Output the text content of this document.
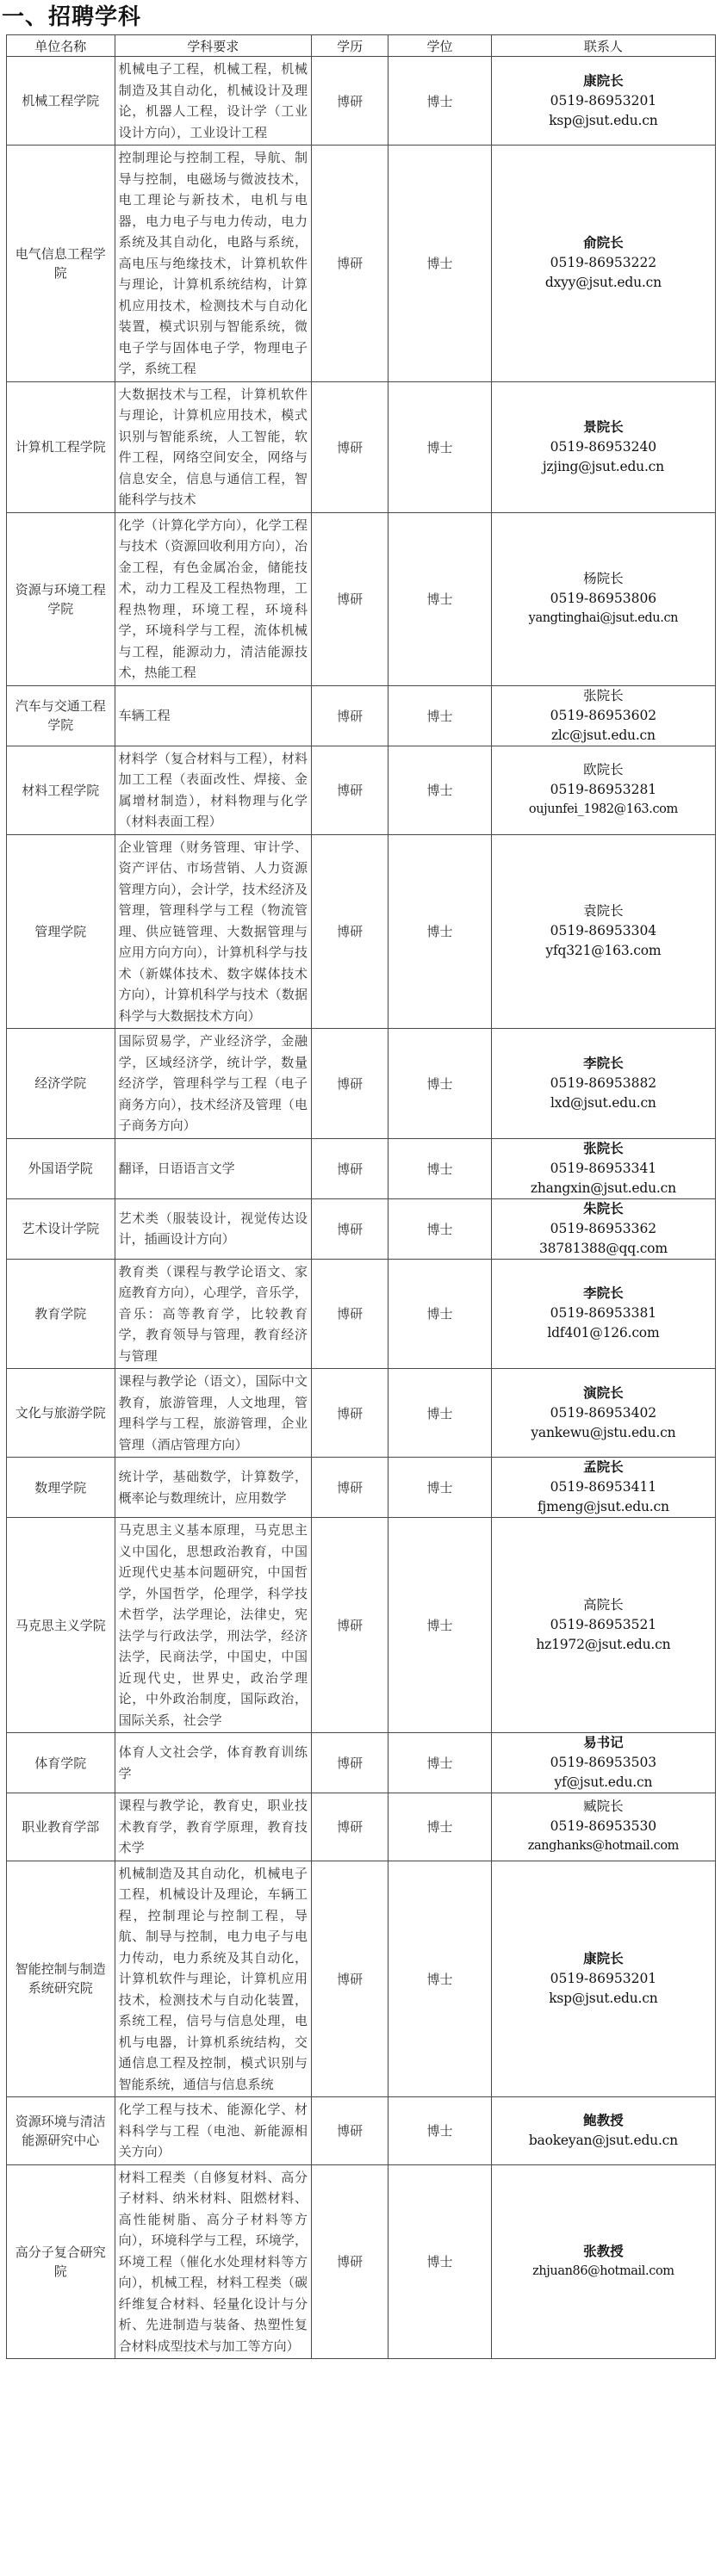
一、招聘学科
单位名称	学科要求	学历	学位	联系人
机械工程学院	机械电子工程，机械工程，机械制造及其自动化，机械设计及理论，机器人工程，设计学（工业设计方向），工业设计工程	博研	博士	康院长
0519-86953201
ksp@jsut.edu.cn

电气信息工程学院	控制理论与控制工程，导航、制导与控制，电磁场与微波技术，电工理论与新技术，电机与电器，电力电子与电力传动，电力系统及其自动化，电路与系统，高电压与绝缘技术，计算机软件与理论，计算机系统结构，计算机应用技术，检测技术与自动化装置，模式识别与智能系统，微电子学与固体电子学，物理电子学，系统工程	博研	博士	俞院长
0519-86953222
dxyy@jsut.edu.cn

计算机工程学院	大数据技术与工程，计算机软件与理论，计算机应用技术，模式识别与智能系统，人工智能，软件工程，网络空间安全，网络与信息安全，信息与通信工程，智能科学与技术	博研	博士	景院长
0519-86953240
jzjing@jsut.edu.cn

资源与环境工程学院	化学（计算化学方向），化学工程与技术（资源回收利用方向），冶金工程，有色金属冶金，储能技术，动力工程及工程热物理，工程热物理，环境工程，环境科学，环境科学与工程，流体机械与工程，能源动力，清洁能源技术，热能工程	博研	博士	杨院长
0519-86953806
yangtinghai@jsut.edu.cn

汽车与交通工程学院	车辆工程	博研	博士	张院长
0519-86953602
zlc@jsut.edu.cn

材料工程学院	材料学（复合材料与工程），材料加工工程（表面改性、焊接、金属增材制造），材料物理与化学（材料表面工程）	博研	博士	欧院长
0519-86953281
oujunfei_1982@163.com

管理学院	企业管理（财务管理、审计学、资产评估、市场营销、人力资源管理方向），会计学，技术经济及管理，管理科学与工程（物流管理、供应链管理、大数据管理与应用方向方向），计算机科学与技术（新媒体技术、数字媒体技术方向），计算机科学与技术（数据科学与大数据技术方向）	博研	博士	袁院长
0519-86953304
yfq321@163.com

经济学院	国际贸易学，产业经济学，金融学，区域经济学，统计学，数量经济学，管理科学与工程（电子商务方向），技术经济及管理（电子商务方向）	博研	博士	李院长
0519-86953882
lxd@jsut.edu.cn

外国语学院	翻译，日语语言文学	博研	博士	张院长
0519-86953341
zhangxin@jsut.edu.cn

艺术设计学院	艺术类（服装设计，视觉传达设计，插画设计方向）	博研	博士	朱院长
0519-86953362
38781388@qq.com

教育学院	教育类（课程与教学论语文、家庭教育方向），心理学，音乐学，音乐：高等教育学，比较教育学，教育领导与管理，教育经济与管理	博研	博士	李院长
0519-86953381
ldf401@126.com

文化与旅游学院	课程与教学论（语文），国际中文教育，旅游管理，人文地理，管理科学与工程，旅游管理，企业管理（酒店管理方向）	博研	博士	演院长
0519-86953402
yankewu@jstu.edu.cn

数理学院	统计学，基础数学，计算数学，概率论与数理统计，应用数学	博研	博士	孟院长
0519-86953411
fjmeng@jsut.edu.cn

马克思主义学院	马克思主义基本原理，马克思主义中国化，思想政治教育，中国近现代史基本问题研究，中国哲学，外国哲学，伦理学，科学技术哲学，法学理论，法律史，宪法学与行政法学，刑法学，经济法学，民商法学，中国史，中国近现代史，世界史，政治学理论，中外政治制度，国际政治，国际关系，社会学	博研	博士	高院长
0519-86953521
hz1972@jsut.edu.cn

体育学院	体育人文社会学，体育教育训练学	博研	博士	易书记
0519-86953503
yf@jsut.edu.cn

职业教育学部	课程与教学论，教育史，职业技术教育学，教育学原理，教育技术学	博研	博士	臧院长
0519-86953530
zanghanks@hotmail.com

智能控制与制造系统研究院	机械制造及其自动化，机械电子工程，机械设计及理论，车辆工程，控制理论与控制工程，导航、制导与控制，电力电子与电力传动，电力系统及其自动化，计算机软件与理论，计算机应用技术，检测技术与自动化装置，系统工程，信号与信息处理，电机与电器，计算机系统结构，交通信息工程及控制，模式识别与智能系统，通信与信息系统	博研	博士	康院长
0519-86953201
ksp@jsut.edu.cn

资源环境与清洁能源研究中心	化学工程与技术、能源化学、材料科学与工程（电池、新能源相关方向）	博研	博士	鲍教授
baokeyan@jsut.edu.cn

高分子复合研究院	材料工程类（自修复材料、高分子材料、纳米材料、阻燃材料、高性能树脂、高分子材料等方向），环境科学与工程，环境学，环境工程（催化水处理材料等方向），机械工程，材料工程类（碳纤维复合材料、轻量化设计与分析、先进制造与装备、热塑性复合材料成型技术与加工等方向）	博研	博士	张教授
zhjuan86@hotmail.com
